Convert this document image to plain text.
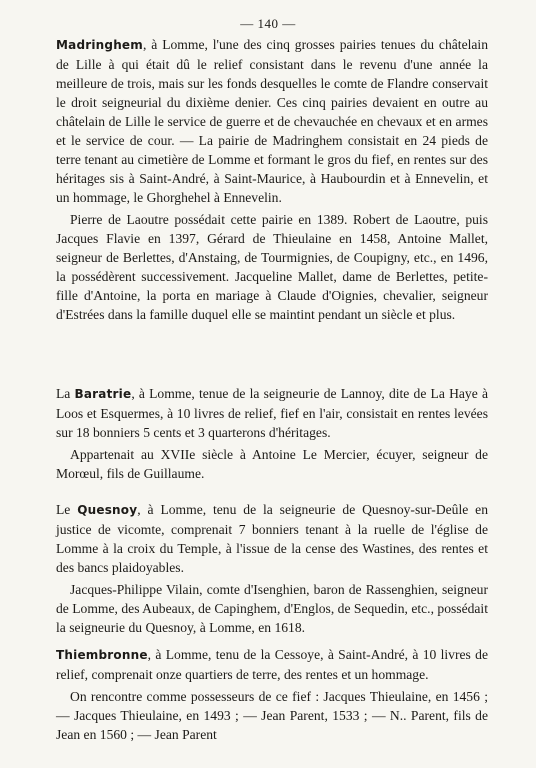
— 140 —

Madringhem, à Lomme, l'une des cinq grosses pairies tenues du châtelain de Lille à qui était dû le relief consistant dans le revenu d'une année la meilleure de trois, mais sur les fonds desquelles le comte de Flandre conservait le droit seigneurial du dixième denier. Ces cinq pairies devaient en outre au châtelain de Lille le service de guerre et de chevauchée en chevaux et en armes et le service de cour. — La pairie de Madringhem consistait en 24 pieds de terre tenant au cimetière de Lomme et formant le gros du fief, en rentes sur des héritages sis à Saint-André, à Saint-Maurice, à Haubourdin et à Ennevelin, et un hommage, le Ghorghehel à Ennevelin.

Pierre de Laoutre possédait cette pairie en 1389. Robert de Laoutre, puis Jacques Flavie en 1397, Gérard de Thieulaine en 1458, Antoine Mallet, seigneur de Berlettes, d'Anstaing, de Tourmignies, de Coupigny, etc., en 1496, la possédèrent successivement. Jacqueline Mallet, dame de Berlettes, petite-fille d'Antoine, la porta en mariage à Claude d'Oignies, chevalier, seigneur d'Estrées dans la famille duquel elle se maintint pendant un siècle et plus.

La Baratrie, à Lomme, tenue de la seigneurie de Lannoy, dite de La Haye à Loos et Esquermes, à 10 livres de relief, fief en l'air, consistait en rentes levées sur 18 bonniers 5 cents et 3 quarterons d'héritages.

Appartenait au XVIIe siècle à Antoine Le Mercier, écuyer, seigneur de Morœul, fils de Guillaume.

Le Quesnoy, à Lomme, tenu de la seigneurie de Quesnoy-sur-Deûle en justice de vicomte, comprenait 7 bonniers tenant à la ruelle de l'église de Lomme à la croix du Temple, à l'issue de la cense des Wastines, des rentes et des bancs plaidoyables.

Jacques-Philippe Vilain, comte d'Isenghien, baron de Rassenghien, seigneur de Lomme, des Aubeaux, de Capinghem, d'Englos, de Sequedin, etc., possédait la seigneurie du Quesnoy, à Lomme, en 1618.

Thiembronne, à Lomme, tenu de la Cessoye, à Saint-André, à 10 livres de relief, comprenait onze quartiers de terre, des rentes et un hommage.

On rencontre comme possesseurs de ce fief : Jacques Thieulaine, en 1456 ; — Jacques Thieulaine, en 1493 ; — Jean Parent, 1533 ; — N.. Parent, fils de Jean en 1560 ; — Jean Parent
